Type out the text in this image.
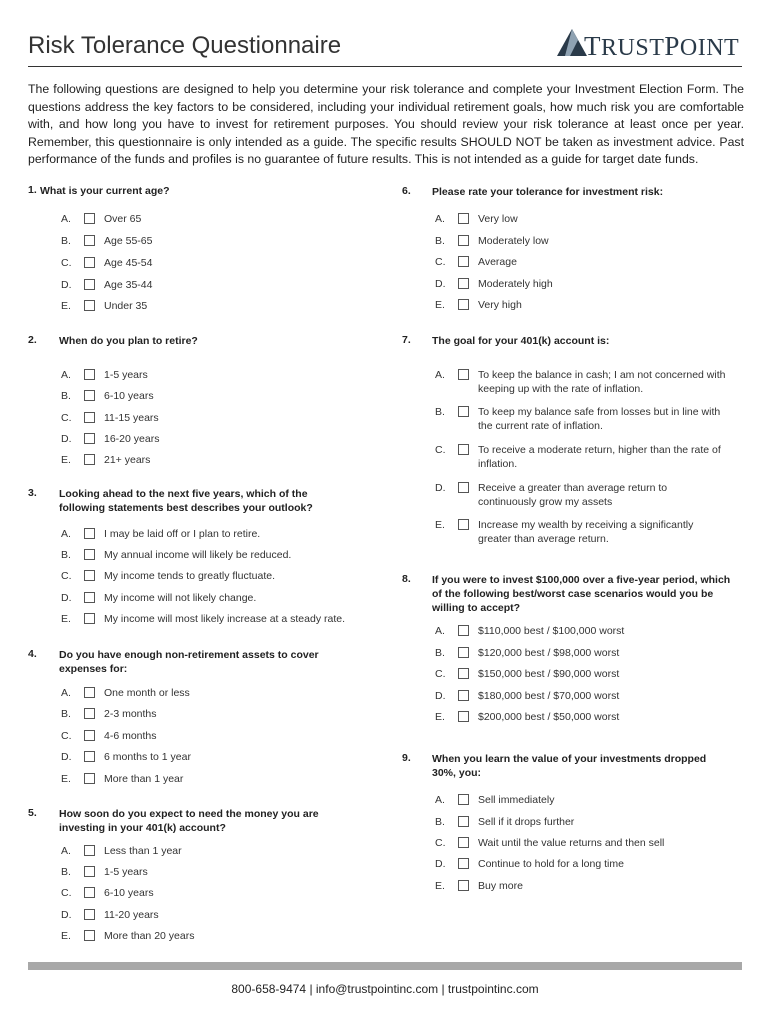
Risk Tolerance Questionnaire	TRUSTPOINT
The following questions are designed to help you determine your risk tolerance and complete your Investment Election Form. The questions address the key factors to be considered, including your individual retirement goals, how much risk you are comfortable with, and how long you have to invest for retirement purposes. You should review your risk tolerance at least once per year. Remember, this questionnaire is only intended as a guide. The specific results SHOULD NOT be taken as investment advice. Past performance of the funds and profiles is no guarantee of future results. This is not intended as a guide for target date funds.
1. What is your current age?
A.	Over 65
B.	Age 55-65
C.	Age 45-54
D.	Age 35-44
E.	Under 35
2. When do you plan to retire?
A.	1-5 years
B.	6-10 years
C.	11-15 years
D.	16-20 years
E.	21+ years
3. Looking ahead to the next five years, which of the following statements best describes your outlook?
A.	I may be laid off or I plan to retire.
B.	My annual income will likely be reduced.
C.	My income tends to greatly fluctuate.
D.	My income will not likely change.
E.	My income will most likely increase at a steady rate.
4. Do you have enough non-retirement assets to cover expenses for:
A.	One month or less
B.	2-3 months
C.	4-6 months
D.	6 months to 1 year
E.	More than 1 year
5. How soon do you expect to need the money you are investing in your 401(k) account?
A.	Less than 1 year
B.	1-5 years
C.	6-10 years
D.	11-20 years
E.	More than 20 years
6. Please rate your tolerance for investment risk:
A.	Very low
B.	Moderately low
C.	Average
D.	Moderately high
E.	Very high
7. The goal for your 401(k) account is:
A.	To keep the balance in cash; I am not concerned with keeping up with the rate of inflation.
B.	To keep my balance safe from losses but in line with the current rate of inflation.
C.	To receive a moderate return, higher than the rate of inflation.
D.	Receive a greater than average return to continuously grow my assets
E.	Increase my wealth by receiving a significantly greater than average return.
8. If you were to invest $100,000 over a five-year period, which of the following best/worst case scenarios would you be willing to accept?
A.	$110,000 best / $100,000 worst
B.	$120,000 best / $98,000 worst
C.	$150,000 best / $90,000 worst
D.	$180,000 best / $70,000 worst
E.	$200,000 best / $50,000 worst
9. When you learn the value of your investments dropped 30%, you:
A.	Sell immediately
B.	Sell if it drops further
C.	Wait until the value returns and then sell
D.	Continue to hold for a long time
E.	Buy more
800-658-9474 | info@trustpointinc.com | trustpointinc.com
